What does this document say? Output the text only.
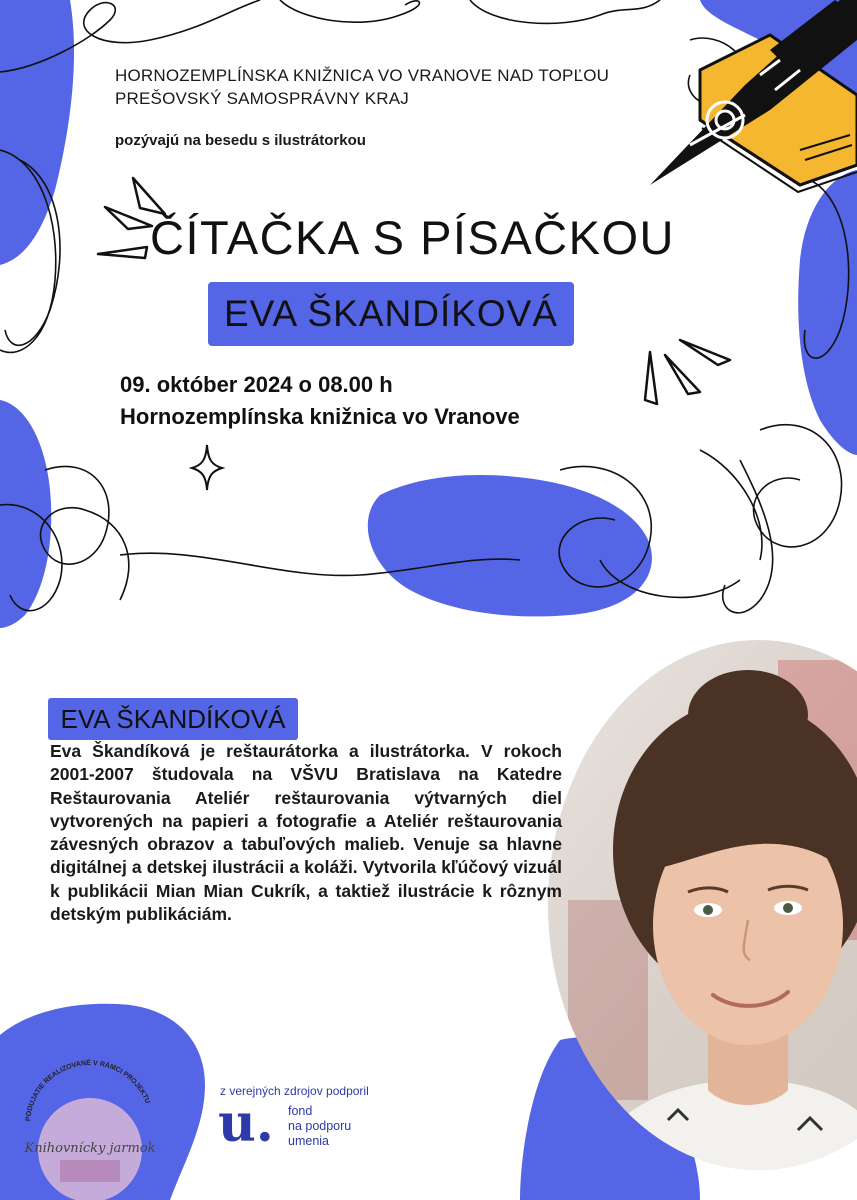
HORNOZEMPLÍNSKA KNIŽNICA VO VRANOVE NAD TOPĽOU
PREŠOVSKÝ SAMOSPRÁVNY KRAJ
pozývajú na besedu s ilustrátorkou
ČÍTAČKA S PÍSAČKOU
EVA ŠKANDÍKOVÁ
09. október 2024 o 08.00 h
Hornozemplínska knižnica vo Vranove
EVA ŠKANDÍKOVÁ
Eva Škandíková je reštaurátorka a ilustrátorka. V rokoch 2001-2007 študovala na VŠVU Bratislava na Katedre Reštaurovania Ateliér reštaurovania výtvarných diel vytvorených na papieri a fotografie a Ateliér reštaurovania závesných obrazov a tabuľových malieb. Venuje sa hlavne digitálnej a detskej ilustrácii a koláži. Vytvorila kľúčový vizuál k publikácii Mian Mian Cukrík, a taktiež ilustrácie k rôznym detským publikáciám.
PODUJATIE REALIZOVANÉ V RÁMCI PROJEKTU
Knihovnícky jarmok
z verejných zdrojov podporil
u. fond
na podporu
umenia
